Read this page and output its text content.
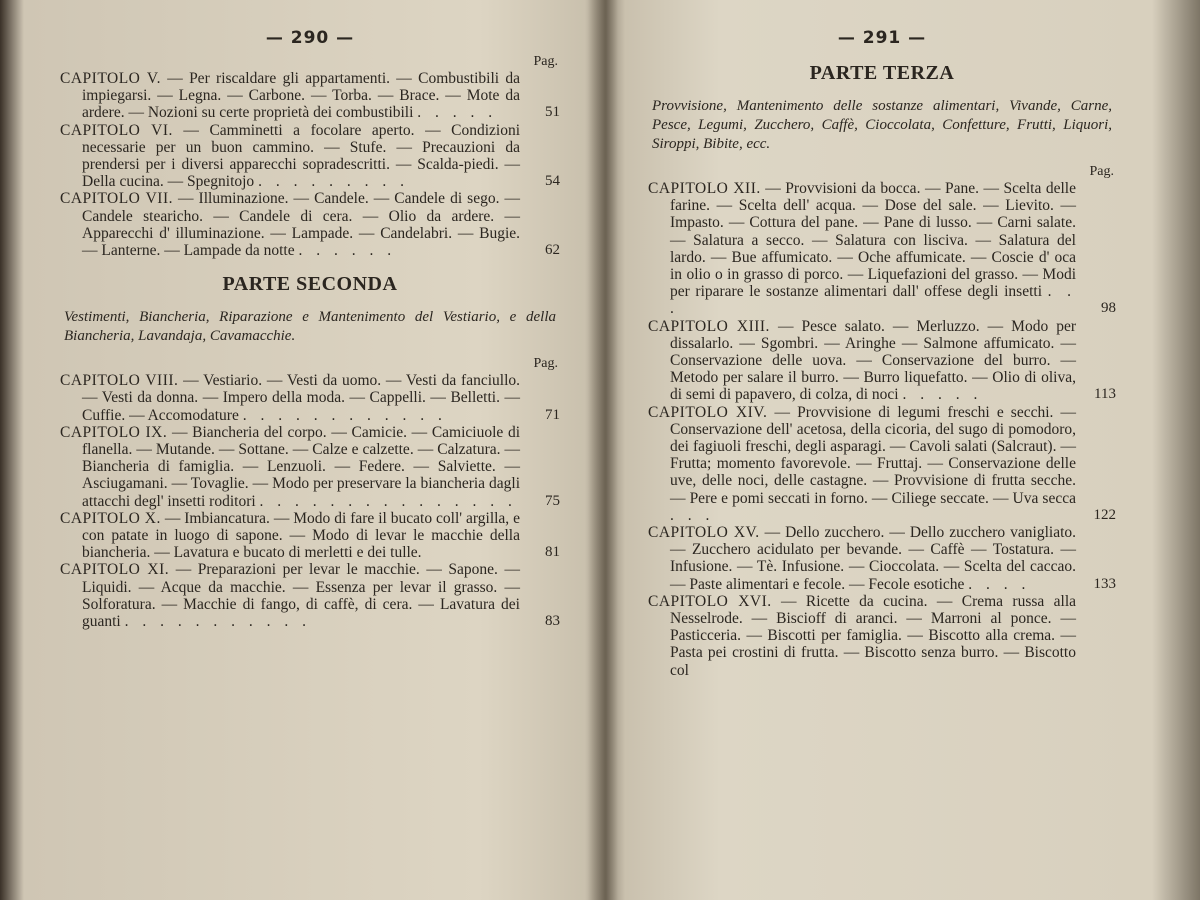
— 290 —
Pag.

CAPITOLO V. — Per riscaldare gli appartamenti. — Combustibili da impiegarsi. — Legna. — Carbone. — Torba. — Brace. — Mote da ardere. — Nozioni su certe proprietà dei combustibili . . . . .	51

CAPITOLO VI. — Camminetti a focolare aperto. — Condizioni necessarie per un buon cammino. — Stufe. — Precauzioni da prendersi per i diversi apparecchi sopradescritti. — Scalda-piedi. — Della cucina. — Spegnitojo . . . . . . . . .	54

CAPITOLO VII. — Illuminazione. — Candele. — Candele di sego. — Candele stearicho. — Candele di cera. — Olio da ardere. — Apparecchi d' illuminazione. — Lampade. — Candelabri. — Bugie. — Lanterne. — Lampade da notte . . . . . .	62

PARTE SECONDA
Vestimenti, Biancheria, Riparazione e Mantenimento del Vestiario, e della Biancheria, Lavandaja, Cavamacchie.
Pag.

CAPITOLO VIII. — Vestiario. — Vesti da uomo. — Vesti da fanciullo. — Vesti da donna. — Impero della moda. — Cappelli. — Belletti. — Cuffie. — Accomodature . . . . . . . . . . . .	71

CAPITOLO IX. — Biancheria del corpo. — Camicie. — Camiciuole di flanella. — Mutande. — Sottane. — Calze e calzette. — Calzatura. — Biancheria di famiglia. — Lenzuoli. — Federe. — Salviette. — Asciugamani. — Tovaglie. — Modo per preservare la biancheria dagli attacchi degl' insetti roditori . . . . . . . . . . . . . . . 75

CAPITOLO X. — Imbiancatura. — Modo di fare il bucato coll' argilla, e con patate in luogo di sapone. — Modo di levar le macchie della biancheria. — Lavatura e bucato di merletti e dei tulle.	81

CAPITOLO XI. — Preparazioni per levar le macchie. — Sapone. — Liquidi. — Acque da macchie. — Essenza per levar il grasso. — Solforatura. — Macchie di fango, di caffè, di cera. — Lavatura dei guanti . . . . . . . . . . .	83

— 291 —
PARTE TERZA
Provvisione, Mantenimento delle sostanze alimentari, Vivande, Carne, Pesce, Legumi, Zucchero, Caffè, Cioccolata, Confetture, Frutti, Liquori, Siroppi, Bibite, ecc.
Pag.

CAPITOLO XII. — Provvisioni da bocca. — Pane. — Scelta delle farine. — Scelta dell' acqua. — Dose del sale. — Lievito. — Impasto. — Cottura del pane. — Pane di lusso. — Carni salate. — Salatura a secco. — Salatura con lisciva. — Salatura del lardo. — Bue affumicato. — Oche affumicate. — Coscie d' oca in olio o in grasso di porco. — Liquefazioni del grasso. — Modi per riparare le sostanze alimentari dall' offese degli insetti . . .	98

CAPITOLO XIII. — Pesce salato. — Merluzzo. — Modo per dissalarlo. — Sgombri. — Aringhe — Salmone affumicato. — Conservazione delle uova. — Conservazione del burro. — Metodo per salare il burro. — Burro liquefatto. — Olio di oliva, di semi di papavero, di colza, di noci . . . . .	113

CAPITOLO XIV. — Provvisione di legumi freschi e secchi. — Conservazione dell' acetosa, della cicoria, del sugo di pomodoro, dei fagiuoli freschi, degli asparagi. — Cavoli salati (Salcraut). — Frutta; momento favorevole. — Fruttaj. — Conservazione delle uve, delle noci, delle castagne. — Provvisione di frutta secche. — Pere e pomi seccati in forno. — Ciliege seccate. — Uva secca . . .	122

CAPITOLO XV. — Dello zucchero. — Dello zucchero vanigliato. — Zucchero acidulato per bevande. — Caffè — Tostatura. — Infusione. — Tè. Infusione. — Cioccolata. — Scelta del caccao. — Paste alimentari e fecole. — Fecole esotiche . . . .	133

CAPITOLO XVI. — Ricette da cucina. — Crema russa alla Nesselrode. — Biscioff di aranci. — Marroni al ponce. — Pasticceria. — Biscotti per famiglia. — Biscotto alla crema. — Pasta pei crostini di frutta. — Biscotto senza burro. — Biscotto col
